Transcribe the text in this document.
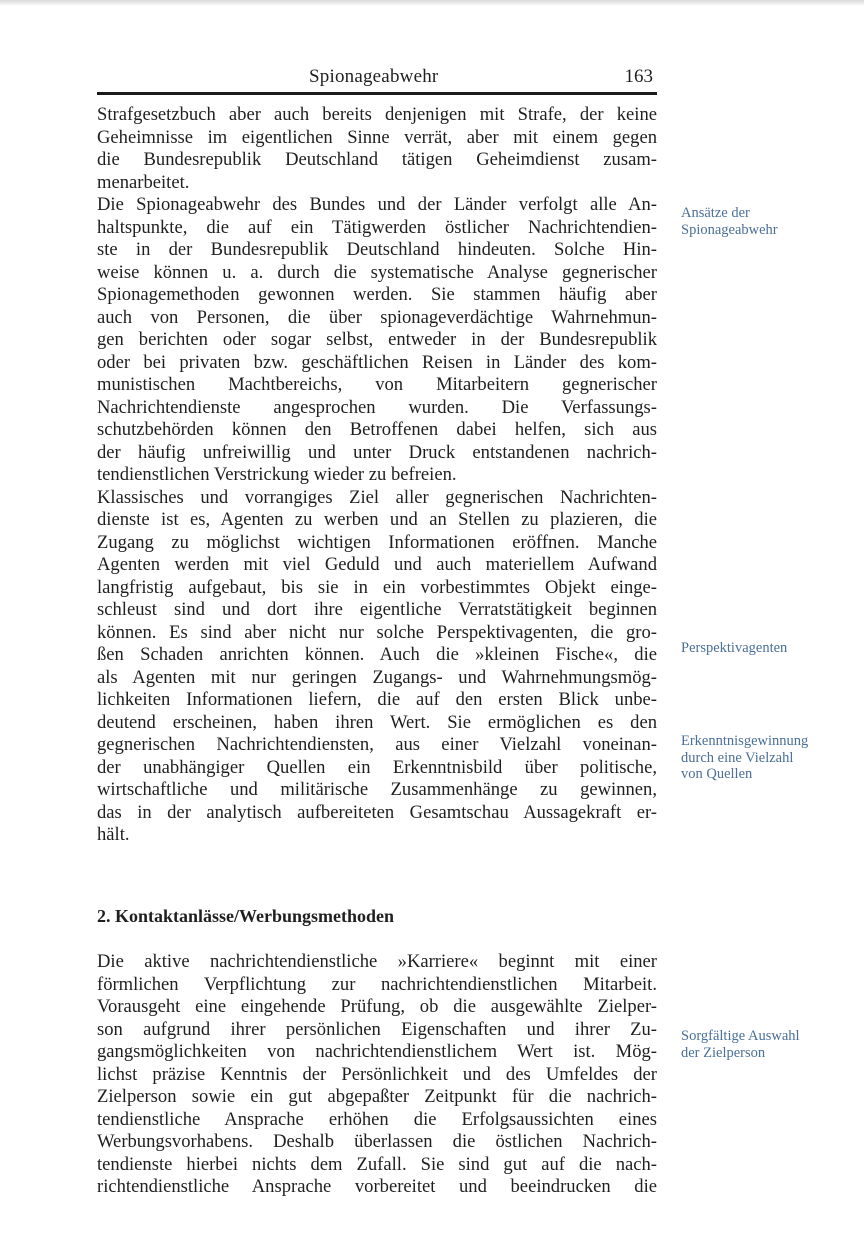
Spionageabwehr	163
Strafgesetzbuch aber auch bereits denjenigen mit Strafe, der keine
Geheimnisse im eigentlichen Sinne verrät, aber mit einem gegen
die Bundesrepublik Deutschland tätigen Geheimdienst zusam-
menarbeitet.
Die Spionageabwehr des Bundes und der Länder verfolgt alle An-
haltspunkte, die auf ein Tätigwerden östlicher Nachrichtendien-
ste in der Bundesrepublik Deutschland hindeuten. Solche Hin-
weise können u. a. durch die systematische Analyse gegnerischer
Spionagemethoden gewonnen werden. Sie stammen häufig aber
auch von Personen, die über spionageverdächtige Wahrnehmun-
gen berichten oder sogar selbst, entweder in der Bundesrepublik
oder bei privaten bzw. geschäftlichen Reisen in Länder des kom-
munistischen Machtbereichs, von Mitarbeitern gegnerischer
Nachrichtendienste angesprochen wurden. Die Verfassungs-
schutzbehörden können den Betroffenen dabei helfen, sich aus
der häufig unfreiwillig und unter Druck entstandenen nachrich-
tendienstlichen Verstrickung wieder zu befreien.
Klassisches und vorrangiges Ziel aller gegnerischen Nachrichten-
dienste ist es, Agenten zu werben und an Stellen zu plazieren, die
Zugang zu möglichst wichtigen Informationen eröffnen. Manche
Agenten werden mit viel Geduld und auch materiellem Aufwand
langfristig aufgebaut, bis sie in ein vorbestimmtes Objekt einge-
schleust sind und dort ihre eigentliche Verratstätigkeit beginnen
können. Es sind aber nicht nur solche Perspektivagenten, die gro-
ßen Schaden anrichten können. Auch die »kleinen Fische«, die
als Agenten mit nur geringen Zugangs- und Wahrnehmungsmög-
lichkeiten Informationen liefern, die auf den ersten Blick unbe-
deutend erscheinen, haben ihren Wert. Sie ermöglichen es den
gegnerischen Nachrichtendiensten, aus einer Vielzahl voneinan-
der unabhängiger Quellen ein Erkenntnisbild über politische,
wirtschaftliche und militärische Zusammenhänge zu gewinnen,
das in der analytisch aufbereiteten Gesamtschau Aussagekraft er-
hält.
2. Kontaktanlässe/Werbungsmethoden
Die aktive nachrichtendienstliche »Karriere« beginnt mit einer
förmlichen Verpflichtung zur nachrichtendienstlichen Mitarbeit.
Vorausgeht eine eingehende Prüfung, ob die ausgewählte Zielper-
son aufgrund ihrer persönlichen Eigenschaften und ihrer Zu-
gangsmöglichkeiten von nachrichtendienstlichem Wert ist. Mög-
lichst präzise Kenntnis der Persönlichkeit und des Umfeldes der
Zielperson sowie ein gut abgepaßter Zeitpunkt für die nachrich-
tendienstliche Ansprache erhöhen die Erfolgsaussichten eines
Werbungsvorhabens. Deshalb überlassen die östlichen Nachrich-
tendienste hierbei nichts dem Zufall. Sie sind gut auf die nach-
richtendienstliche Ansprache vorbereitet und beeindrucken die
Ansätze der
Spionageabwehr
Perspektivagenten
Erkenntnisgewinnung
durch eine Vielzahl
von Quellen
Sorgfältige Auswahl
der Zielperson
